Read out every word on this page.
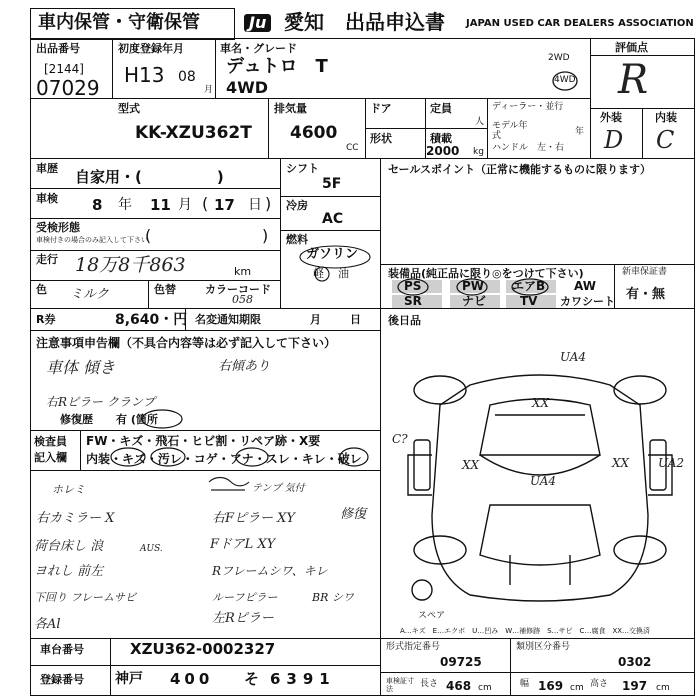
車内保管・守衛保管	Ju 愛知 出品申込書 JAPAN USED CAR DEALERS ASSOCIATION
出品番号
[2144]
07029
初度登録年月
H13 08
月
車名・グレード
デュトロ　T
4WD
2WD
4WD
評価点
R
外装	内装
D C
型式
KK-XZU362T
排気量
4600
CC
ドア	定員
人
形状	積載
2000 kg
ディーラー・並行
モデル年式	年
ハンドル　左・右
車歴 自家用・(　　　　　)
車検 8 年 11 月 17 日
(	)
受検形態
車検付きの場合のみ記入して下さい
(	)
走行 18万8千863	km
色 ミルク	色替	カラーコード
058
シフト
5F
冷房
AC
燃料
ガソリン
軽 油
セールスポイント（正常に機能するものに限ります）
装備品(純正品に限り◎をつけて下さい)	新車保証書
有・無
PS	PW エアB AW
SR	ナビ	TV カワシート
R券	8,640・円 名変通知期限	月	日 後日品
注意事項申告欄（不具合内容等は必ず記入して下さい）
車体 傾き	右傾あり
右Rピラー クランプ
修復歴 有 (箇所
検査員
記入欄
FW・キズ・飛石・ヒビ割・リペア跡・X要
内装・キズ・汚レ・コゲ・アナ・スレ・キレ・破レ
ホレミ
右カミラー X
荷台床し 浪	AUS.
ヨれし 前左
下回り フレームサビ
各Al
テンプ 気付
右Fピラー XY	修復
FドアL XY
Rフレームシワ、キレ
ルーフピラー	BR シワ
左Rピラー
UA4
XX
C?
XX	XX UA2
UA4
スペア
A…キズ　E…エクボ　U…凹み　W…補修跡　S…サビ　C…腐食　XX…交換済
車台番号	XZU362-0002327
登録番号 神戸 400 そ 6391
形式指定番号
09725
類別区分番号
0302
車検証寸法	長さ 468 cm	幅 169 cm 高さ 197 cm
